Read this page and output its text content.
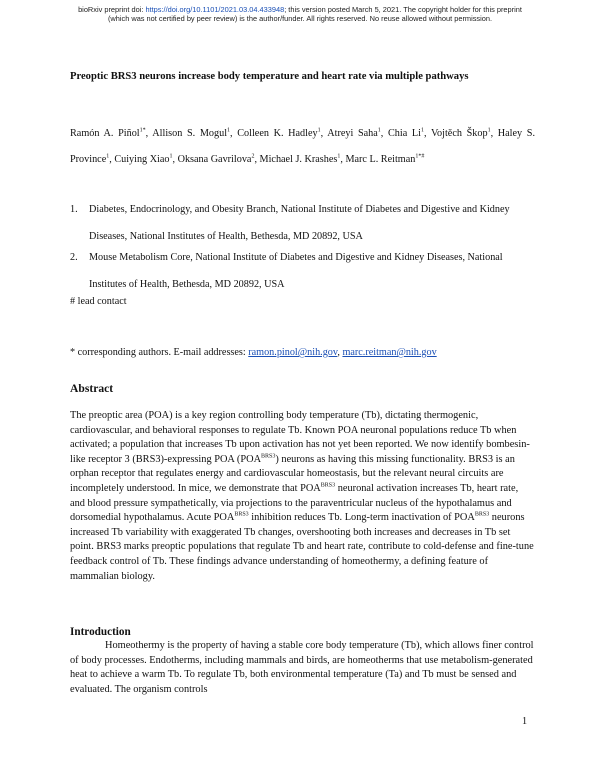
bioRxiv preprint doi: https://doi.org/10.1101/2021.03.04.433948; this version posted March 5, 2021. The copyright holder for this preprint
(which was not certified by peer review) is the author/funder. All rights reserved. No reuse allowed without permission.
Preoptic BRS3 neurons increase body temperature and heart rate via multiple pathways
Ramón A. Piñol$^{1*}$, Allison S. Mogul$^1$, Colleen K. Hadley$^1$, Atreyi Saha$^1$, Chia Li$^1$, Vojtěch Škop$^1$, Haley S. Province$^1$, Cuiying Xiao$^1$, Oksana Gavrilova$^2$, Michael J. Krashes$^1$, Marc L. Reitman$^{1*\#}$
1. Diabetes, Endocrinology, and Obesity Branch, National Institute of Diabetes and Digestive and Kidney Diseases, National Institutes of Health, Bethesda, MD 20892, USA
2. Mouse Metabolism Core, National Institute of Diabetes and Digestive and Kidney Diseases, National Institutes of Health, Bethesda, MD 20892, USA
# lead contact
* corresponding authors. E-mail addresses: ramon.pinol@nih.gov, marc.reitman@nih.gov
Abstract
The preoptic area (POA) is a key region controlling body temperature (Tb), dictating thermogenic, cardiovascular, and behavioral responses to regulate Tb. Known POA neuronal populations reduce Tb when activated; a population that increases Tb upon activation has not yet been reported. We now identify bombesin-like receptor 3 (BRS3)-expressing POA $(POA^{BRS3})$ neurons as having this missing functionality. BRS3 is an orphan receptor that regulates energy and cardiovascular homeostasis, but the relevant neural circuits are incompletely understood. In mice, we demonstrate that $POA^{BRS3}$ neuronal activation increases Tb, heart rate, and blood pressure sympathetically, via projections to the paraventricular nucleus of the hypothalamus and dorsomedial hypothalamus. Acute $POA^{BRS3}$ inhibition reduces Tb. Long-term inactivation of $POA^{BRS3}$ neurons increased Tb variability with exaggerated Tb changes, overshooting both increases and decreases in Tb set point. BRS3 marks preoptic populations that regulate Tb and heart rate, contribute to cold-defense and fine-tune feedback control of Tb. These findings advance understanding of homeothermy, a defining feature of mammalian biology.
Introduction
Homeothermy is the property of having a stable core body temperature (Tb), which allows finer control of body processes. Endotherms, including mammals and birds, are homeotherms that use metabolism-generated heat to achieve a warm Tb. To regulate Tb, both environmental temperature (Ta) and Tb must be sensed and evaluated. The organism controls
1
